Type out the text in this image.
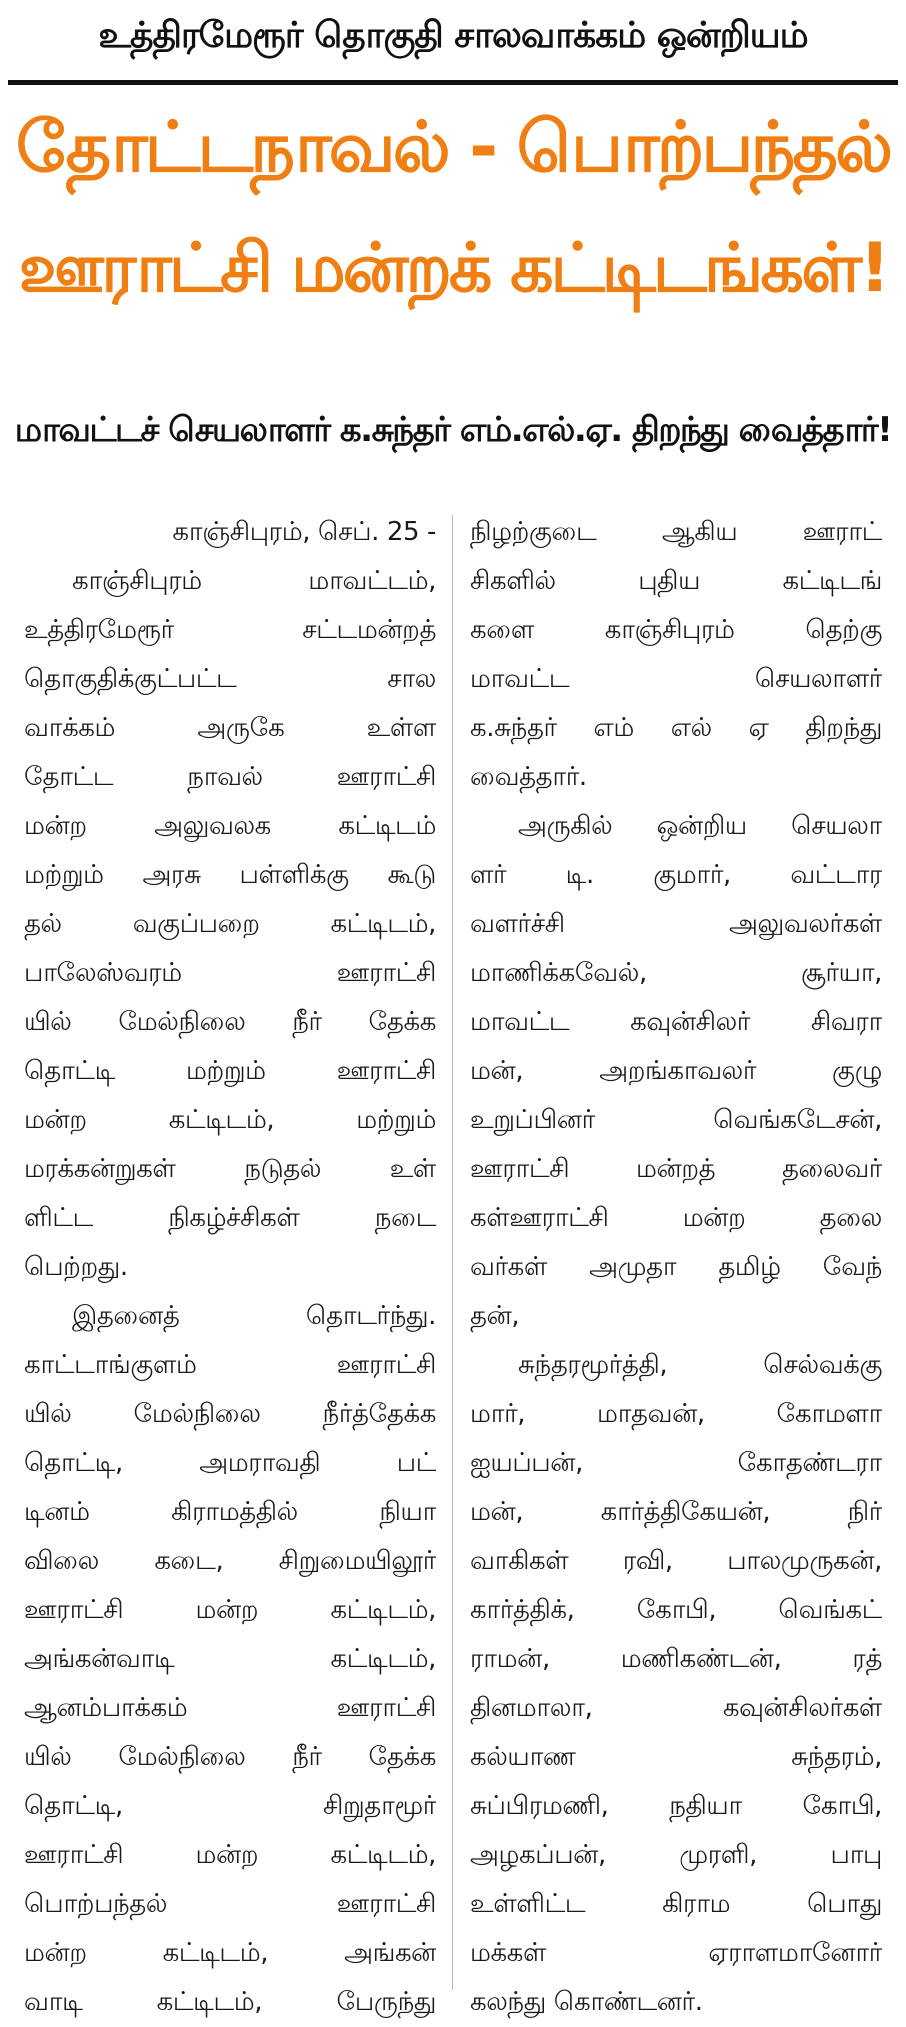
உத்திரமேரூர் தொகுதி சாலவாக்கம் ஒன்றியம்
தோட்டநாவல் - பொற்பந்தல்
ஊராட்சி மன்றக் கட்டிடங்கள்!
மாவட்டச் செயலாளர் க.சுந்தர் எம்.எல்.ஏ. திறந்து வைத்தார்!
காஞ்சிபுரம், செப். 25 -
காஞ்சிபுரம் மாவட்டம்,
உத்திரமேரூர் சட்டமன்றத்
தொகுதிக்குட்பட்ட சால
வாக்கம் அருகே உள்ள
தோட்ட நாவல் ஊராட்சி
மன்ற அலுவலக கட்டிடம்
மற்றும் அரசு பள்ளிக்கு கூடு
தல் வகுப்பறை கட்டிடம்,
பாலேஸ்வரம் ஊராட்சி
யில் மேல்நிலை நீர் தேக்க
தொட்டி மற்றும் ஊராட்சி
மன்ற கட்டிடம், மற்றும்
மரக்கன்றுகள் நடுதல் உள்
ளிட்ட நிகழ்ச்சிகள் நடை
பெற்றது.
இதனைத் தொடர்ந்து.
காட்டாங்குளம் ஊராட்சி
யில் மேல்நிலை நீர்த்தேக்க
தொட்டி, அமராவதி பட்
டினம் கிராமத்தில் நியா
விலை கடை, சிறுமையிலூர்
ஊராட்சி மன்ற கட்டிடம்,
அங்கன்வாடி கட்டிடம்,
ஆனம்பாக்கம் ஊராட்சி
யில் மேல்நிலை நீர் தேக்க
தொட்டி, சிறுதாமூர்
ஊராட்சி மன்ற கட்டிடம்,
பொற்பந்தல் ஊராட்சி
மன்ற கட்டிடம், அங்கன்
வாடி கட்டிடம், பேருந்து
நிழற்குடை ஆகிய ஊராட்
சிகளில் புதிய கட்டிடங்
களை காஞ்சிபுரம் தெற்கு
மாவட்ட செயலாளர்
க.சுந்தர் எம் எல் ஏ திறந்து
வைத்தார்.
அருகில் ஒன்றிய செயலா
ளர் டி. குமார், வட்டார
வளர்ச்சி அலுவலர்கள்
மாணிக்கவேல், சூர்யா,
மாவட்ட கவுன்சிலர் சிவரா
மன், அறங்காவலர் குழு
உறுப்பினர் வெங்கடேசன்,
ஊராட்சி மன்றத் தலைவர்
கள்ஊராட்சி மன்ற தலை
வர்கள் அமுதா தமிழ் வேந்
தன்,
சுந்தரமூர்த்தி, செல்வக்கு
மார், மாதவன், கோமளா
ஐயப்பன், கோதண்டரா
மன், கார்த்திகேயன், நிர்
வாகிகள் ரவி, பாலமுருகன்,
கார்த்திக், கோபி, வெங்கட்
ராமன், மணிகண்டன், ரத்
தினமாலா, கவுன்சிலர்கள்
கல்யாண சுந்தரம்,
சுப்பிரமணி, நதியா கோபி,
அழகப்பன், முரளி, பாபு
உள்ளிட்ட கிராம பொது
மக்கள் ஏராளமானோர்
கலந்து கொண்டனர்.
